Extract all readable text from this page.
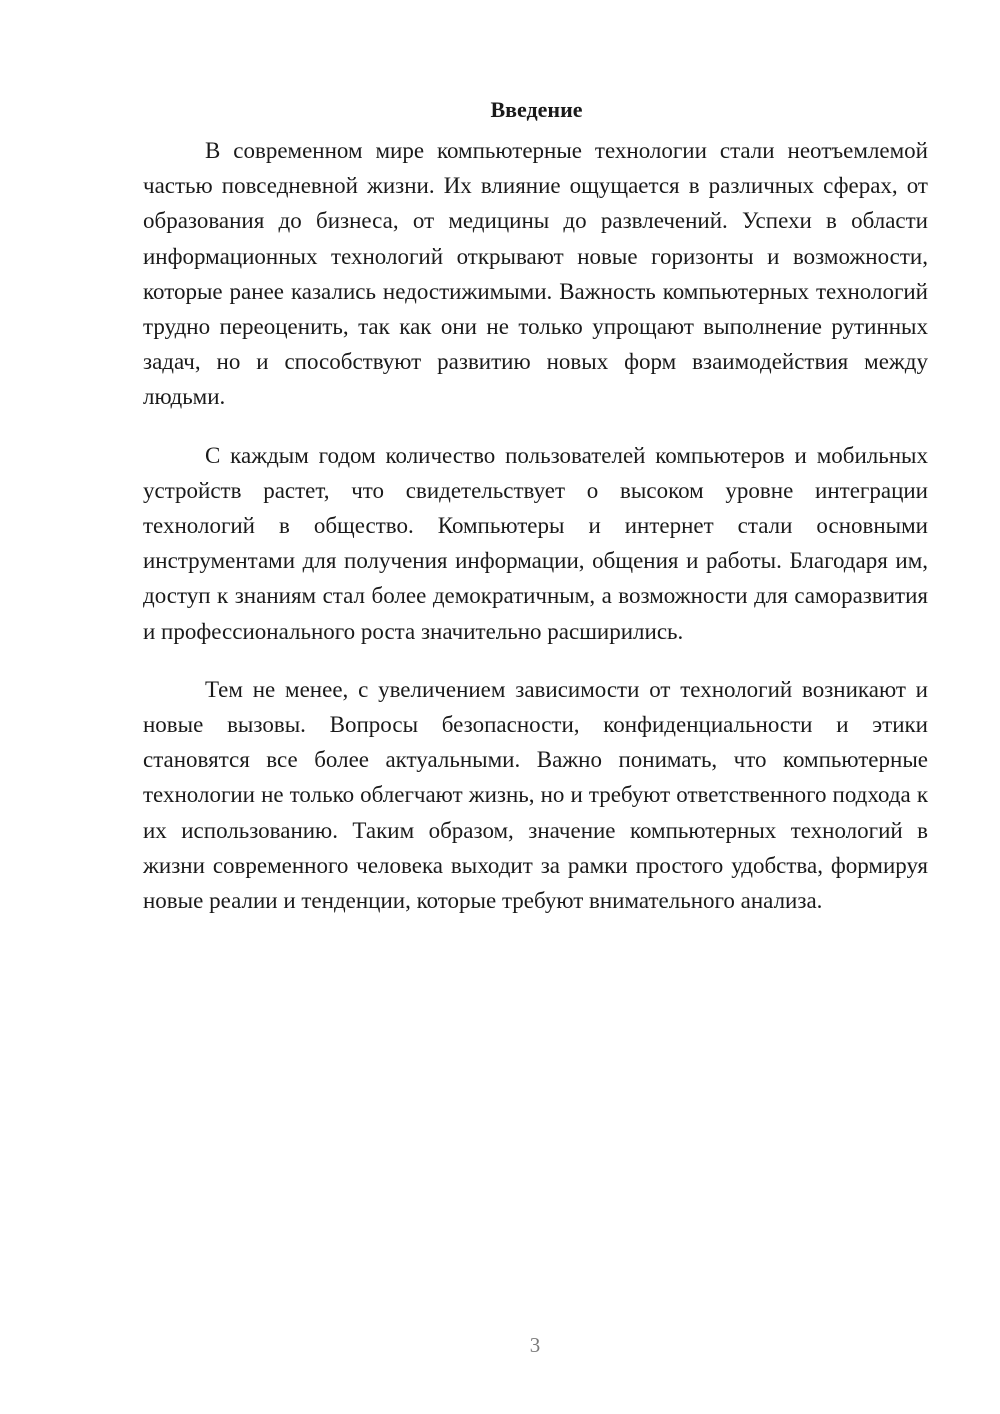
Введение

В современном мире компьютерные технологии стали неотъемлемой частью повседневной жизни. Их влияние ощущается в различных сферах, от образования до бизнеса, от медицины до развлечений. Успехи в области информационных технологий открывают новые горизонты и возможности, которые ранее казались недостижимыми. Важность компьютерных технологий трудно переоценить, так как они не только упрощают выполнение рутинных задач, но и способствуют развитию новых форм взаимодействия между людьми.

С каждым годом количество пользователей компьютеров и мобильных устройств растет, что свидетельствует о высоком уровне интеграции технологий в общество. Компьютеры и интернет стали основными инструментами для получения информации, общения и работы. Благодаря им, доступ к знаниям стал более демократичным, а возможности для саморазвития и профессионального роста значительно расширились.

Тем не менее, с увеличением зависимости от технологий возникают и новые вызовы. Вопросы безопасности, конфиденциальности и этики становятся все более актуальными. Важно понимать, что компьютерные технологии не только облегчают жизнь, но и требуют ответственного подхода к их использованию. Таким образом, значение компьютерных технологий в жизни современного человека выходит за рамки простого удобства, формируя новые реалии и тенденции, которые требуют внимательного анализа.

3
